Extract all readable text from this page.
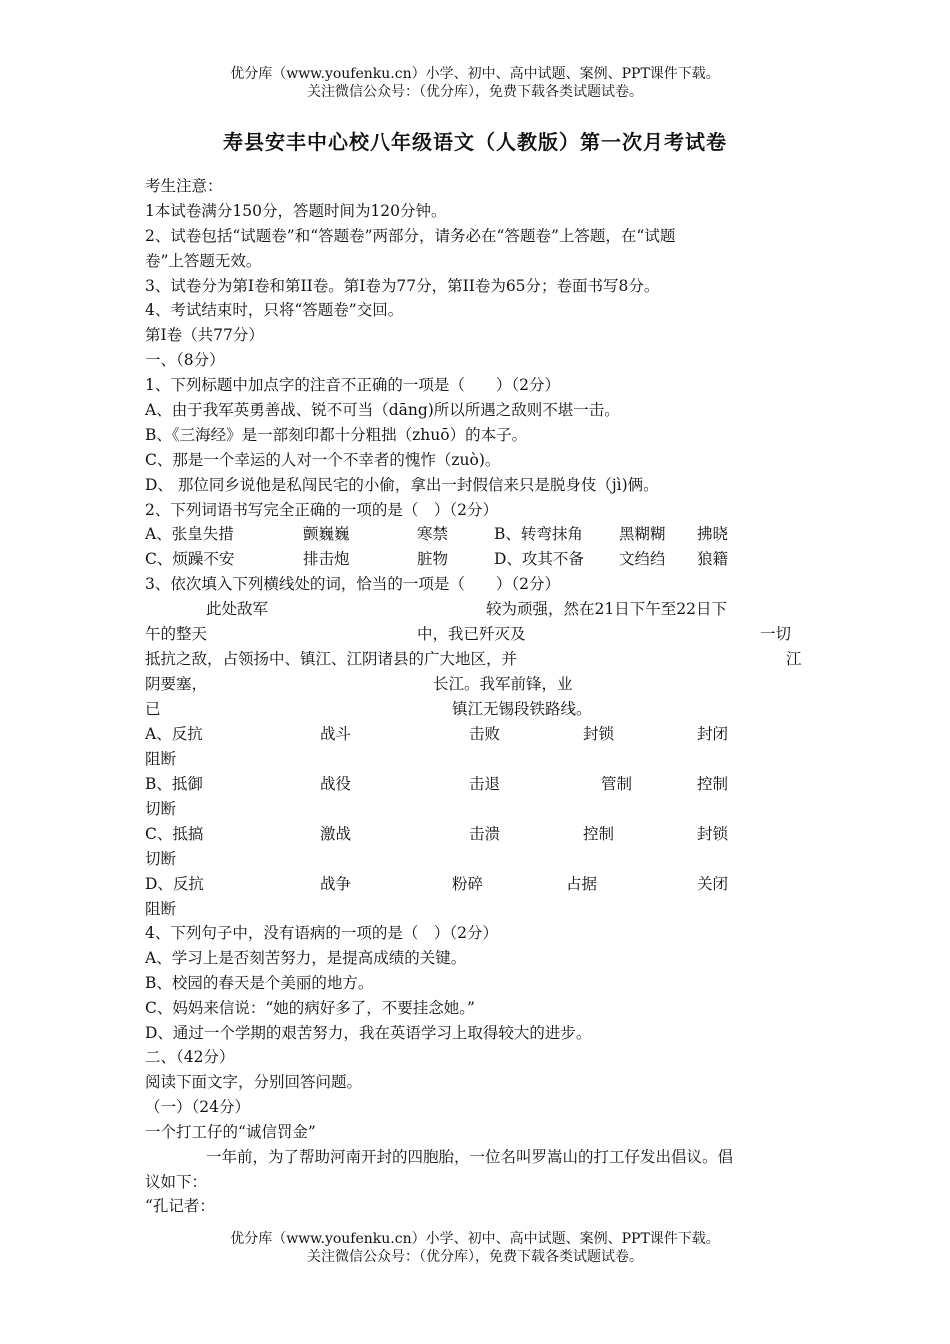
优分库（www.youfenku.cn）小学、初中、高中试题、案例、PPT课件下载。
关注微信公众号：（优分库），免费下载各类试题试卷。
寿县安丰中心校八年级语文（人教版）第一次月考试卷
考生注意：
1本试卷满分150分，答题时间为120分钟。
2、试卷包括“试题卷”和“答题卷”两部分，请务必在“答题卷”上答题，在“试题
卷”上答题无效。
3、试卷分为第I卷和第II卷。第I卷为77分，第II卷为65分；卷面书写8分。
4、考试结束时，只将“答题卷”交回。
第I卷（共77分）
一、（8分）
1、下列标题中加点字的注音不正确的一项是（　　）（2分）
A、由于我军英勇善战、锐不可当（dāng)所以所遇之敌则不堪一击。
B、《三海经》是一部刻印都十分粗拙（zhuō）的本子。
C、那是一个幸运的人对一个不幸者的愧怍（zuò)。
D、 那位同乡说他是私闯民宅的小偷，拿出一封假信来只是脱身伎（jì)俩。
2、下列词语书写完全正确的一项的是（　）（2分）
A、张皇失措	颤巍巍	寒禁	B、转弯抹角 黑糊糊 拂晓
C、烦躁不安	排击炮	脏物	D、攻其不备 文绉绉 狼籍
3、依次填入下列横线处的词，恰当的一项是（　　）（2分）
此处敌军	较为顽强，然在21日下午至22日下
午的整天	中，我已歼灭及	一切
抵抗之敌，占领扬中、镇江、江阴诸县的广大地区，并	江
阴要塞，	长江。我军前锋，业
已	镇江无锡段铁路线。
A、反抗	战斗	击败	封锁	封闭
阻断
B、抵御	战役	击退	管制	控制
切断
C、抵搞	激战	击溃	控制	封锁
切断
D、反抗	战争	粉碎	占据	关闭
阻断
4、下列句子中，没有语病的一项的是（　）（2分）
A、学习上是否刻苦努力，是提高成绩的关键。
B、校园的春天是个美丽的地方。
C、妈妈来信说：“她的病好多了，不要挂念她。”
D、通过一个学期的艰苦努力，我在英语学习上取得较大的进步。
二、（42分）
阅读下面文字，分别回答问题。
（一）（24分）
一个打工仔的“诚信罚金”
一年前，为了帮助河南开封的四胞胎，一位名叫罗嵩山的打工仔发出倡议。倡
议如下：
“孔记者：
优分库（www.youfenku.cn）小学、初中、高中试题、案例、PPT课件下载。
关注微信公众号：（优分库），免费下载各类试题试卷。
